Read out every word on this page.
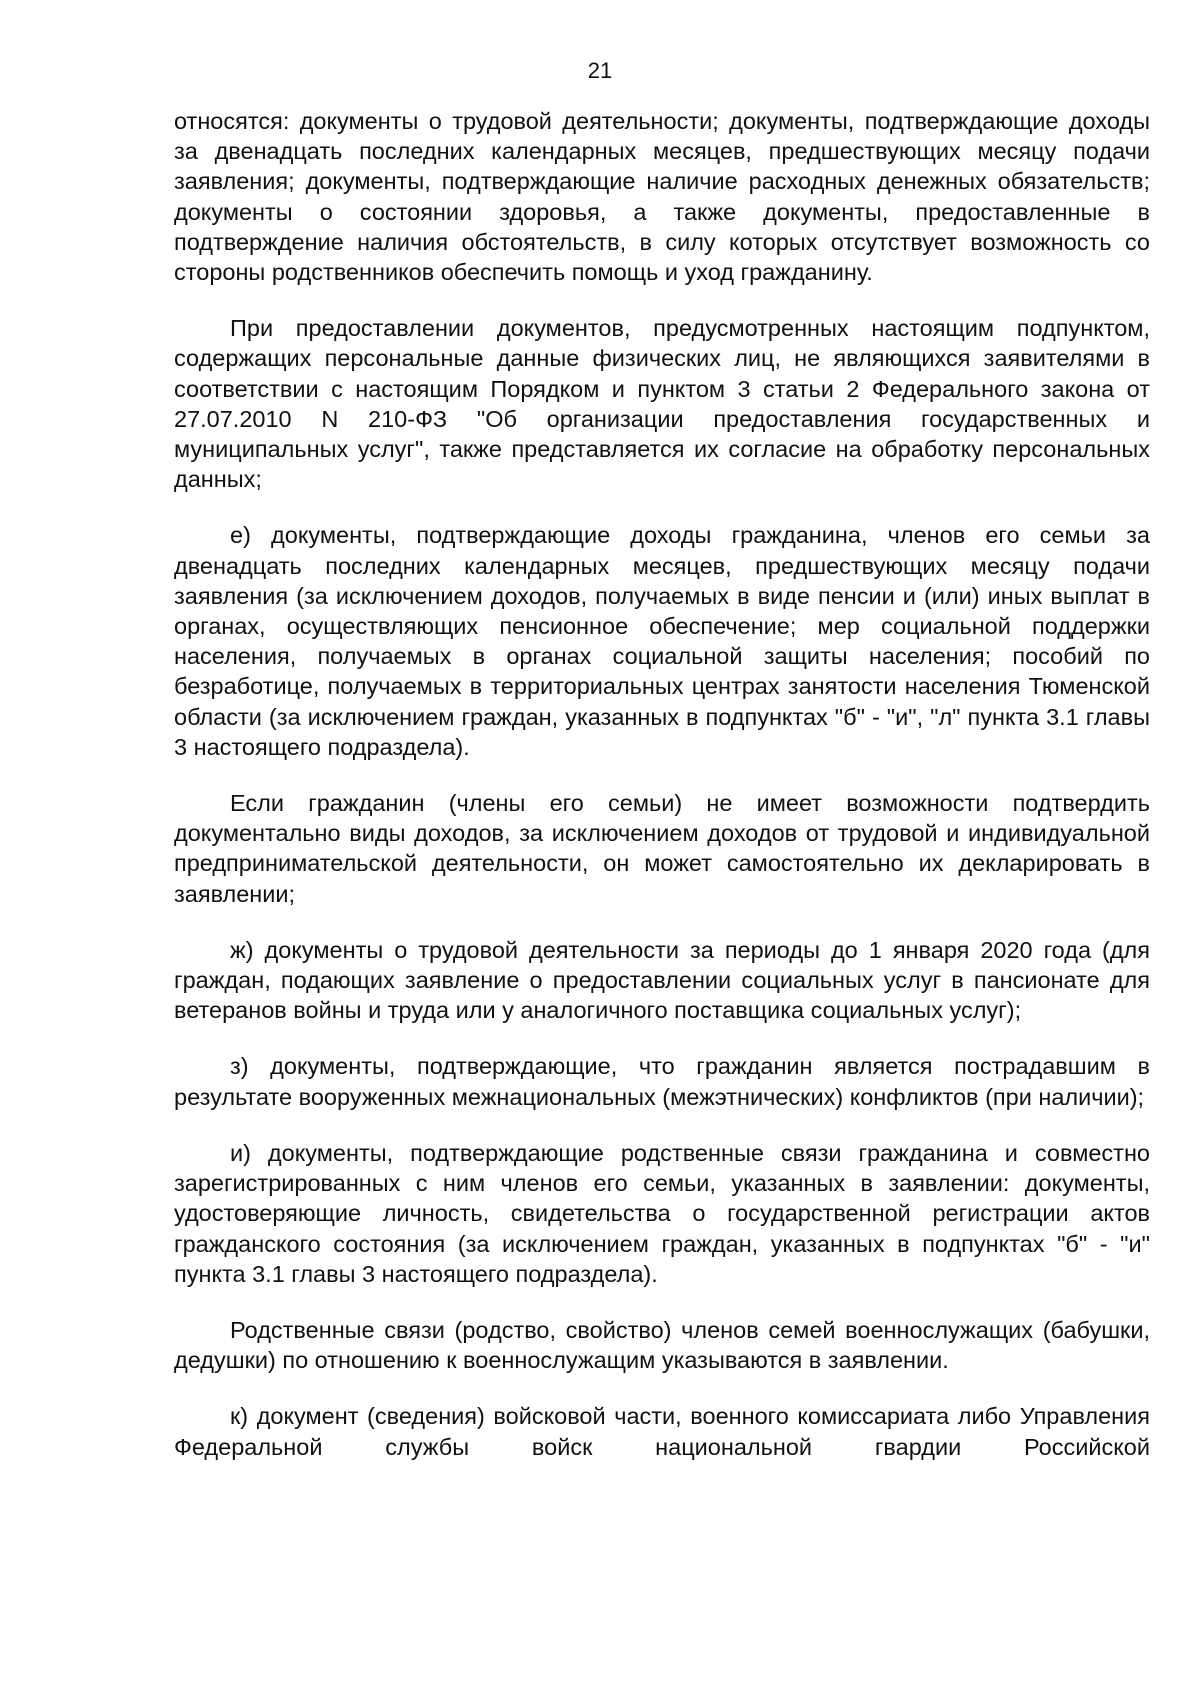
21

относятся: документы о трудовой деятельности; документы, подтверждающие доходы за двенадцать последних календарных месяцев, предшествующих месяцу подачи заявления; документы, подтверждающие наличие расходных денежных обязательств; документы о состоянии здоровья, а также документы, предоставленные в подтверждение наличия обстоятельств, в силу которых отсутствует возможность со стороны родственников обеспечить помощь и уход гражданину.

При предоставлении документов, предусмотренных настоящим подпунктом, содержащих персональные данные физических лиц, не являющихся заявителями в соответствии с настоящим Порядком и пунктом 3 статьи 2 Федерального закона от 27.07.2010 N 210-ФЗ "Об организации предоставления государственных и муниципальных услуг", также представляется их согласие на обработку персональных данных;

е) документы, подтверждающие доходы гражданина, членов его семьи за двенадцать последних календарных месяцев, предшествующих месяцу подачи заявления (за исключением доходов, получаемых в виде пенсии и (или) иных выплат в органах, осуществляющих пенсионное обеспечение; мер социальной поддержки населения, получаемых в органах социальной защиты населения; пособий по безработице, получаемых в территориальных центрах занятости населения Тюменской области (за исключением граждан, указанных в подпунктах "б" - "и", "л" пункта 3.1 главы 3 настоящего подраздела).

Если гражданин (члены его семьи) не имеет возможности подтвердить документально виды доходов, за исключением доходов от трудовой и индивидуальной предпринимательской деятельности, он может самостоятельно их декларировать в заявлении;

ж) документы о трудовой деятельности за периоды до 1 января 2020 года (для граждан, подающих заявление о предоставлении социальных услуг в пансионате для ветеранов войны и труда или у аналогичного поставщика социальных услуг);

з) документы, подтверждающие, что гражданин является пострадавшим в результате вооруженных межнациональных (межэтнических) конфликтов (при наличии);

и) документы, подтверждающие родственные связи гражданина и совместно зарегистрированных с ним членов его семьи, указанных в заявлении: документы, удостоверяющие личность, свидетельства о государственной регистрации актов гражданского состояния (за исключением граждан, указанных в подпунктах "б" - "и" пункта 3.1 главы 3 настоящего подраздела).

Родственные связи (родство, свойство) членов семей военнослужащих (бабушки, дедушки) по отношению к военнослужащим указываются в заявлении.

к) документ (сведения) войсковой части, военного комиссариата либо Управления Федеральной службы войск национальной гвардии Российской
